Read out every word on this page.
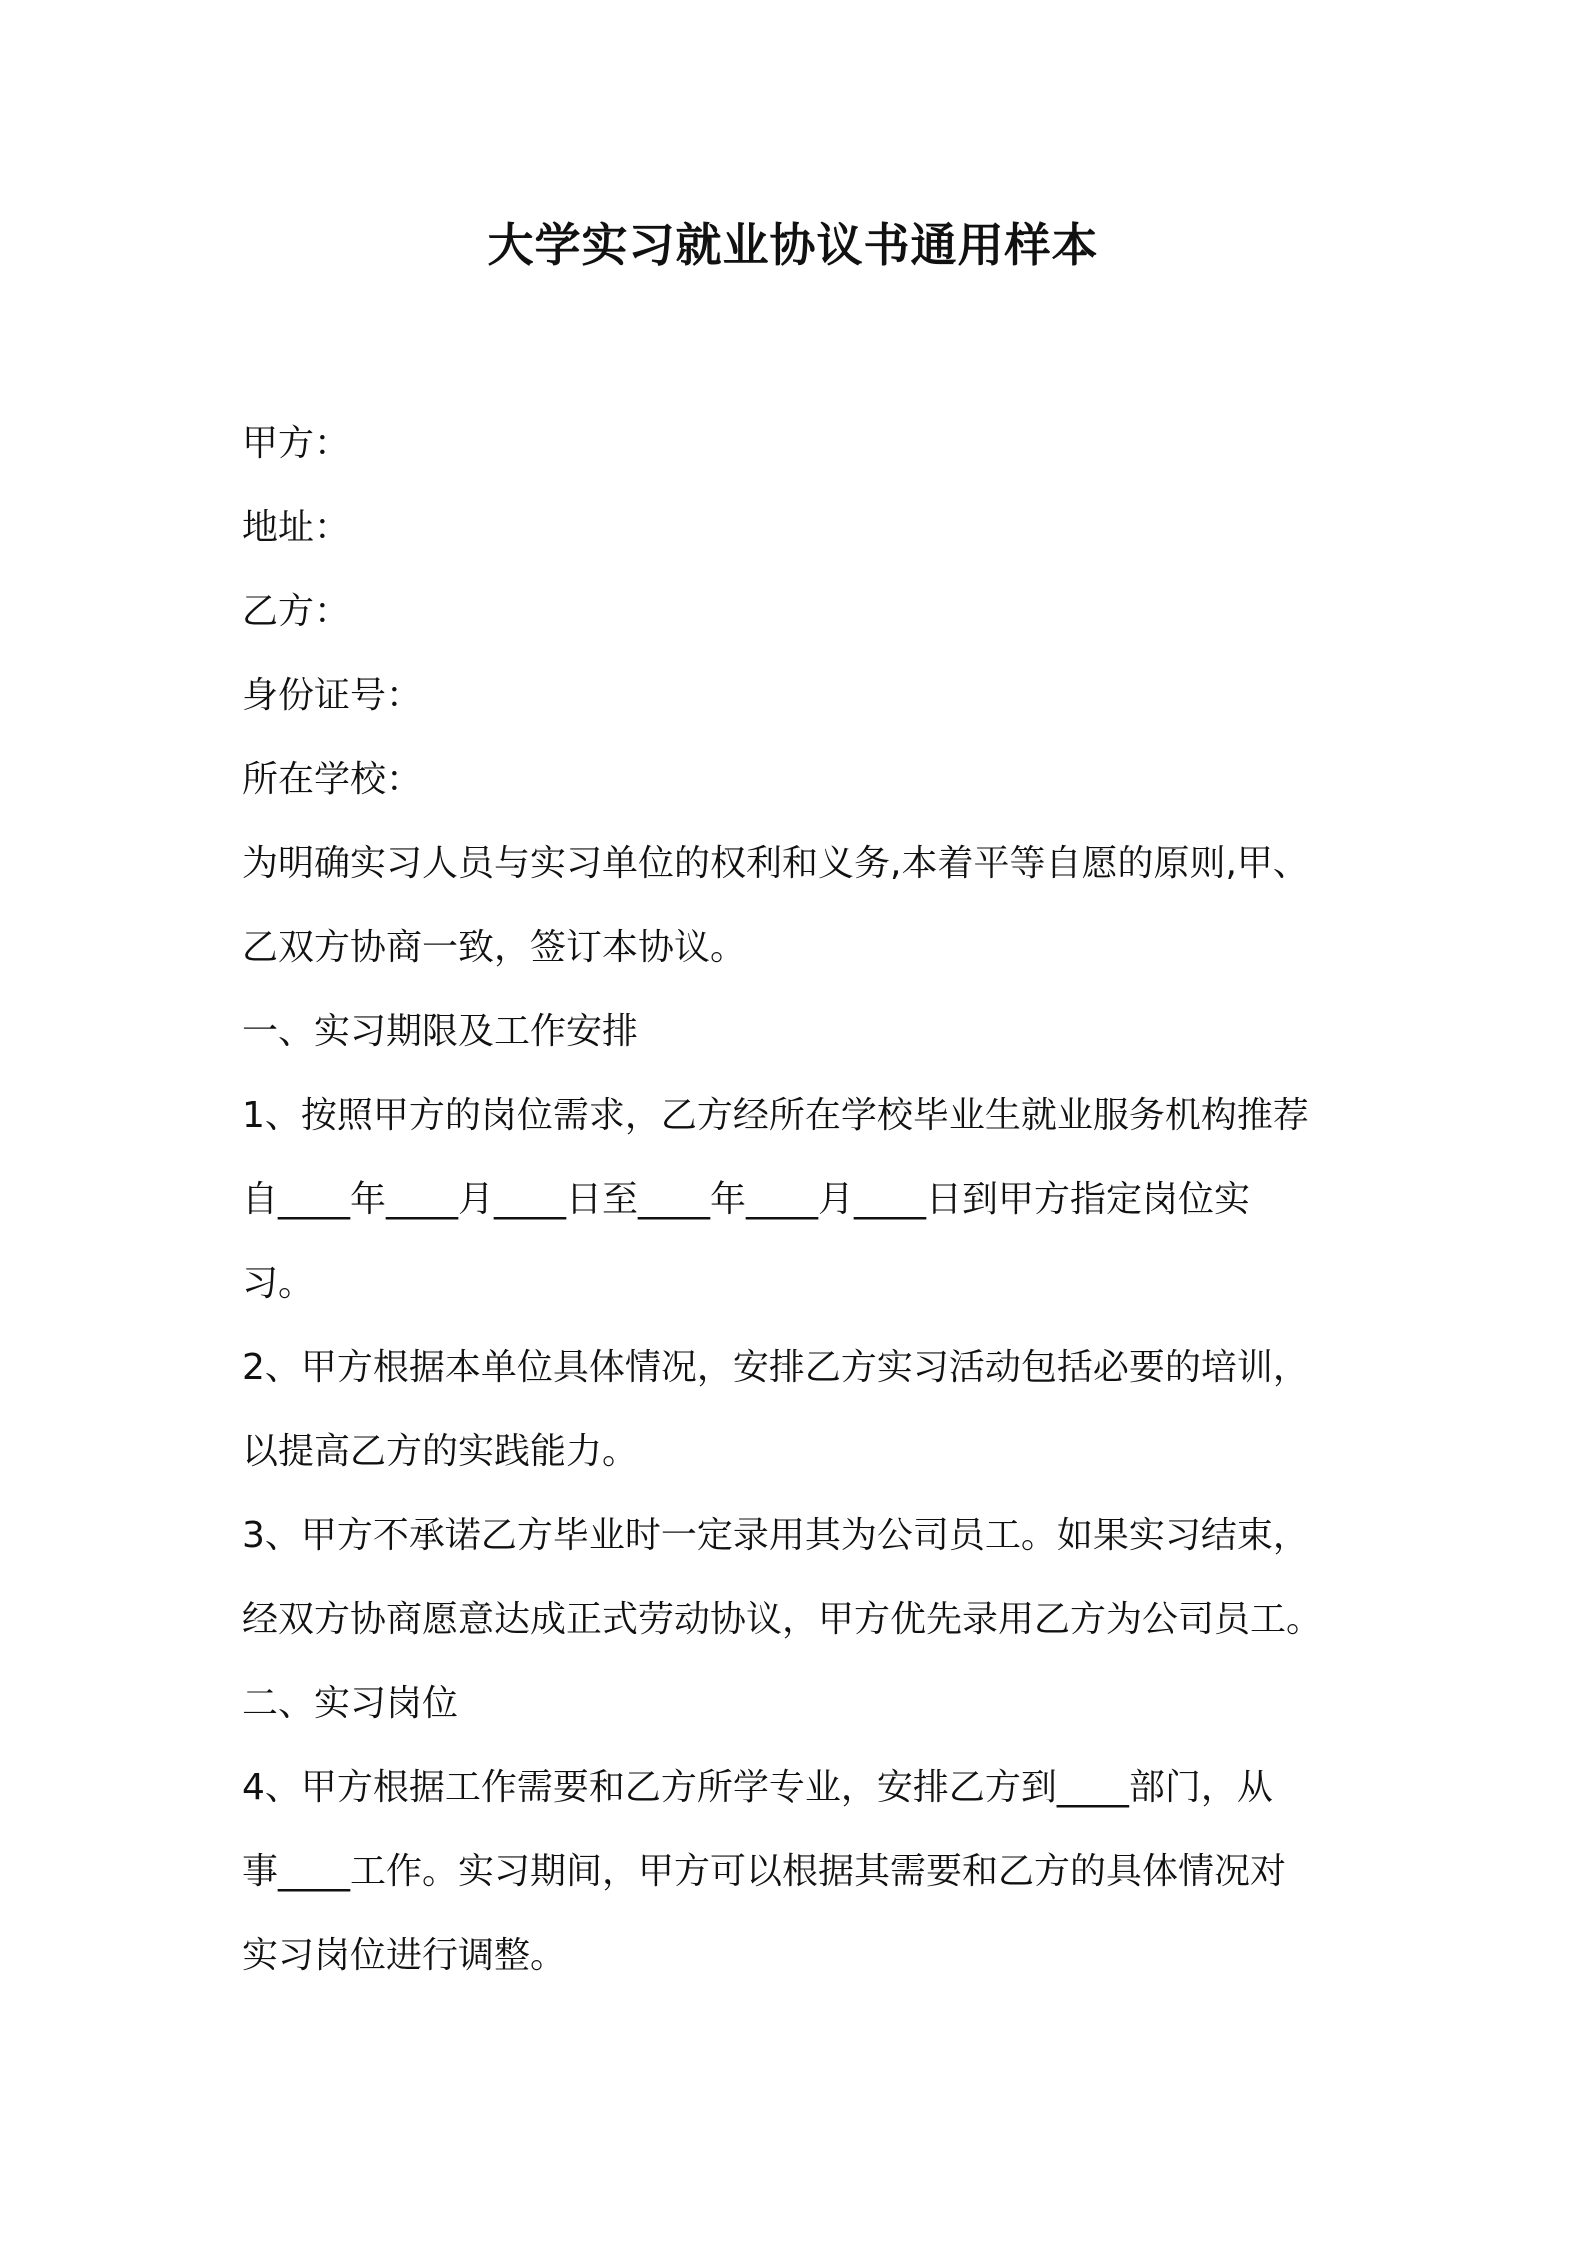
大学实习就业协议书通用样本

甲方：

地址：

乙方：

身份证号：

所在学校：

为明确实习人员与实习单位的权利和义务,本着平等自愿的原则,甲、

乙双方协商一致，签订本协议。

一、实习期限及工作安排

1、按照甲方的岗位需求，乙方经所在学校毕业生就业服务机构推荐

自____年____月____日至____年____月____日到甲方指定岗位实

习。

2、甲方根据本单位具体情况，安排乙方实习活动包括必要的培训，

以提高乙方的实践能力。

3、甲方不承诺乙方毕业时一定录用其为公司员工。如果实习结束，

经双方协商愿意达成正式劳动协议，甲方优先录用乙方为公司员工。

二、实习岗位

4、甲方根据工作需要和乙方所学专业，安排乙方到____部门，从

事____工作。实习期间，甲方可以根据其需要和乙方的具体情况对

实习岗位进行调整。
